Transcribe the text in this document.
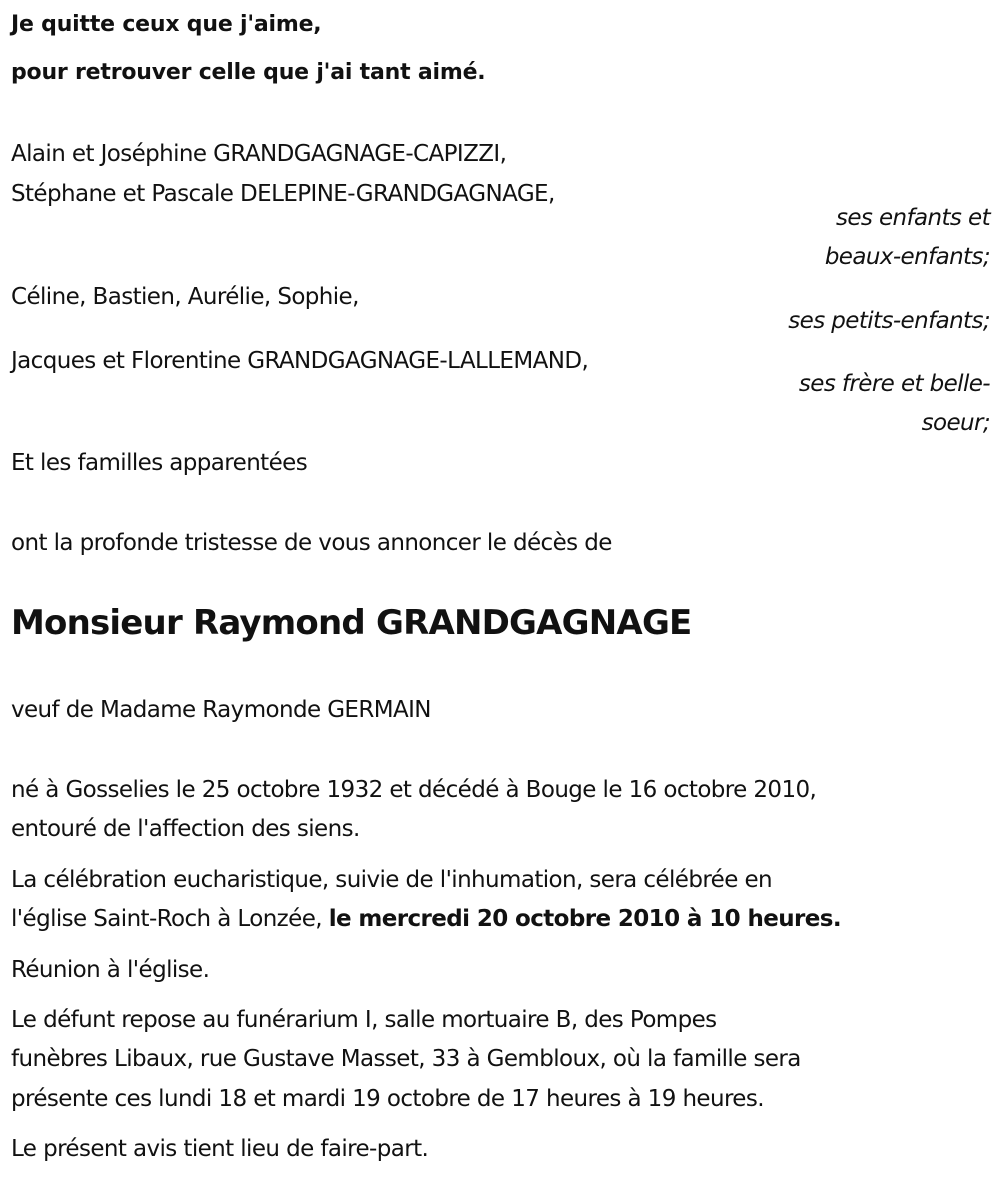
Je quitte ceux que j'aime,
pour retrouver celle que j'ai tant aimé.
Alain et Joséphine GRANDGAGNAGE-CAPIZZI,
Stéphane et Pascale DELEPINE-GRANDGAGNAGE,
ses enfants et
beaux-enfants;
Céline, Bastien, Aurélie, Sophie,
ses petits-enfants;
Jacques et Florentine GRANDGAGNAGE-LALLEMAND,
ses frère et belle-
soeur;
Et les familles apparentées
ont la profonde tristesse de vous annoncer le décès de
Monsieur Raymond GRANDGAGNAGE
veuf de Madame Raymonde GERMAIN
né à Gosselies le 25 octobre 1932 et décédé à Bouge le 16 octobre 2010,
entouré de l'affection des siens.
La célébration eucharistique, suivie de l'inhumation, sera célébrée en
l'église Saint-Roch à Lonzée, le mercredi 20 octobre 2010 à 10 heures.
Réunion à l'église.
Le défunt repose au funérarium I, salle mortuaire B, des Pompes
funèbres Libaux, rue Gustave Masset, 33 à Gembloux, où la famille sera
présente ces lundi 18 et mardi 19 octobre de 17 heures à 19 heures.
Le présent avis tient lieu de faire-part.
